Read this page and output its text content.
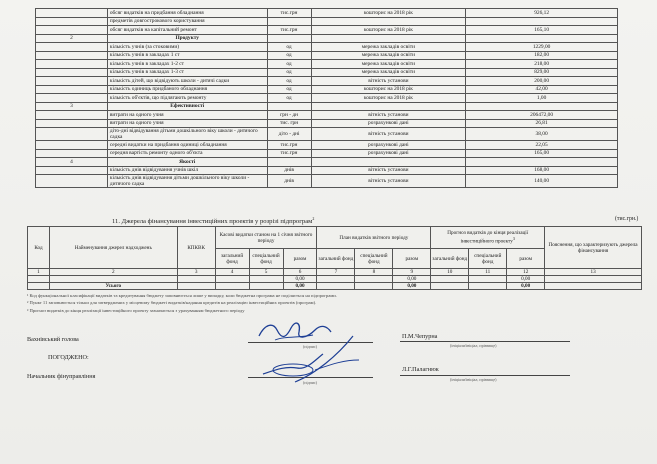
	обсяг видатків на придбання обладнання	тис.грн	кошторис на 2018 рік	926,12
	предметів довгострокового користування			
	обсяг видатків на капітальний ремонт	тис.грн	кошторис на 2018 рік	165,10
2	Продукту			
	кількість учнів (за стоковими)	од	мережа закладів освіти	1229,00
	кількість учнів в закладах 1 ст	од	мережа закладів освіти	182,00
	кількість учнів в закладах 1-2 ст	од	мережа закладів освіти	218,00
	кількість учнів в закладах 1-3 ст	од	мережа закладів освіти	829,00
	кількість дітей, що відвідують школи - дитячі садки	од	вітність установи	200,00
	кількість одиниць придбаного обладнання	од	кошторис на 2018 рік	42,00
	кількість об'єктів, що підлягають ремонту	од	кошторис на 2018 рік	1,00
3	Ефективності			
	витрати на одного учня	грн - дн	вітність установи	206472,00
	витрати на одного учня	тис. грн	розрахункові дані	26,81
	діто-дні відвідування дітьми дошкільного віку школи - дитячого садка	діто - дні	вітність установи	38,00
	середні видатки на придбання одиниці обладнання	тис.грн	розрахункові дані	22,05
	середня вартість ремонту одного об'єкта	тис.грн	розрахункові дані	165,00
4	Якості			
	кількість днів відвідування учнів шкіл	днів	вітність установи	168,00
	кількість днів відвідування дітьми дошкільного віку школи - дитячого садка	днів	вітність установи	140,00
11. Джерела фінансування інвестиційних проектів у розрізі підпрограм$^2$	(тис.грн.)
Код	Найменування джерел надходжень	КПКВК	Касові видатки станом на 1 січня звітного періоду			План видатків звітного періоду			Прогноз видатків до кінця реалізації інвестиційного проекту$^3$			Пояснення, що характеризують джерела фінансування
			загальний фонд	спеціальний фонд	разом	загальний фонд	спеціальний фонд	разом	загальний фонд	спеціальний фонд	разом	
1	2	3	4	5	6	7	8	9	10	11	12	13
					0,00			0,00			0,00	
	Усього				0,00			0,00			0,00	
¹ Код функціональної класифікації видатків та кредитування бюджету заповнюється лише у випадку, коли бюджетна програма не поділяється на підпрограми.
² Пункт 11 заповнюється тільки для затверджених у місцевому бюджеті видатків/надання кредитів на реалізацію інвестиційних проектів (програм).
³ Прогноз видатків до кінця реалізації інвестиційного проекту зазначається з урахуванням бюджетного періоду
Вахнівський голова
(підпис)
П.М.Чепурна
(ініціали/ініціал, прізвище)
ПОГОДЖЕНО:
Начальник фінуправління
(підпис)
Л.Г.Палагнюк
(ініціали/ініціал, прізвище)
